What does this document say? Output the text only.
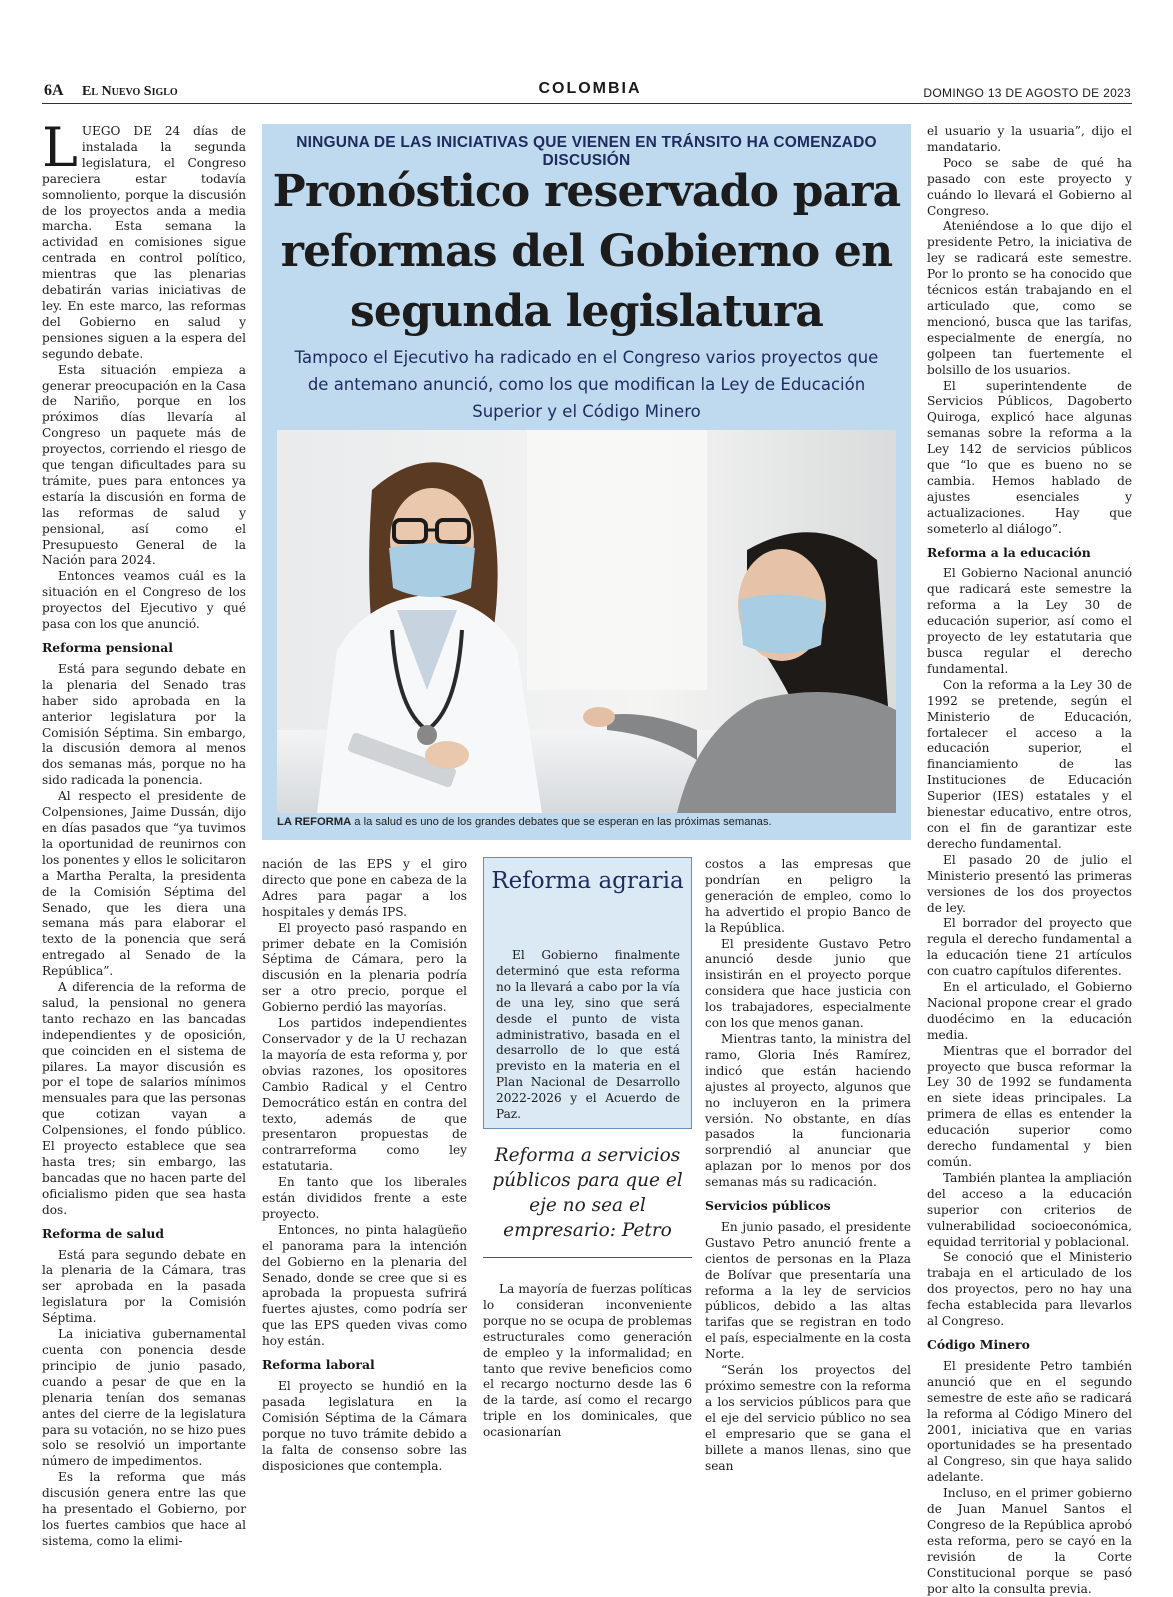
6A El Nuevo Siglo	COLOMBIA	DOMINGO 13 DE AGOSTO DE 2023

LUEGO DE 24 días de instalada la segunda legislatura, el Congreso pareciera estar todavía somnoliento, porque la discusión de los proyectos anda a media marcha. Esta semana la actividad en comisiones sigue centrada en control político, mientras que las plenarias debatirán varias iniciativas de ley. En este marco, las reformas del Gobierno en salud y pensiones siguen a la espera del segundo debate.

Esta situación empieza a generar preocupación en la Casa de Nariño, porque en los próximos días llevaría al Congreso un paquete más de proyectos, corriendo el riesgo de que tengan dificultades para su trámite, pues para entonces ya estaría la discusión en forma de las reformas de salud y pensional, así como el Presupuesto General de la Nación para 2024.

Entonces veamos cuál es la situación en el Congreso de los proyectos del Ejecutivo y qué pasa con los que anunció.

Reforma pensional

Está para segundo debate en la plenaria del Senado tras haber sido aprobada en la anterior legislatura por la Comisión Séptima. Sin embargo, la discusión demora al menos dos semanas más, porque no ha sido radicada la ponencia.

Al respecto el presidente de Colpensiones, Jaime Dussán, dijo en días pasados que “ya tuvimos la oportunidad de reunirnos con los ponentes y ellos le solicitaron a Martha Peralta, la presidenta de la Comisión Séptima del Senado, que les diera una semana más para elaborar el texto de la ponencia que será entregado al Senado de la República”.

A diferencia de la reforma de salud, la pensional no genera tanto rechazo en las bancadas independientes y de oposición, que coinciden en el sistema de pilares. La mayor discusión es por el tope de salarios mínimos mensuales para que las personas que cotizan vayan a Colpensiones, el fondo público. El proyecto establece que sea hasta tres; sin embargo, las bancadas que no hacen parte del oficialismo piden que sea hasta dos.

Reforma de salud

Está para segundo debate en la plenaria de la Cámara, tras ser aprobada en la pasada legislatura por la Comisión Séptima.

La iniciativa gubernamental cuenta con ponencia desde principio de junio pasado, cuando a pesar de que en la plenaria tenían dos semanas antes del cierre de la legislatura para su votación, no se hizo pues solo se resolvió un importante número de impedimentos.

Es la reforma que más discusión genera entre las que ha presentado el Gobierno, por los fuertes cambios que hace al sistema, como la elimi-

NINGUNA DE LAS INICIATIVAS QUE VIENEN EN TRÁNSITO HA COMENZADO DISCUSIÓN
Pronóstico reservado para reformas del Gobierno en segunda legislatura
Tampoco el Ejecutivo ha radicado en el Congreso varios proyectos que de antemano anunció, como los que modifican la Ley de Educación Superior y el Código Minero
LA REFORMA a la salud es uno de los grandes debates que se esperan en las próximas semanas.

nación de las EPS y el giro directo que pone en cabeza de la Adres para pagar a los hospitales y demás IPS.

El proyecto pasó raspando en primer debate en la Comisión Séptima de Cámara, pero la discusión en la plenaria podría ser a otro precio, porque el Gobierno perdió las mayorías.

Los partidos independientes Conservador y de la U rechazan la mayoría de esta reforma y, por obvias razones, los opositores Cambio Radical y el Centro Democrático están en contra del texto, además de que presentaron propuestas de contrarreforma como ley estatutaria.

En tanto que los liberales están divididos frente a este proyecto.

Entonces, no pinta halagüeño el panorama para la intención del Gobierno en la plenaria del Senado, donde se cree que si es aprobada la propuesta sufrirá fuertes ajustes, como podría ser que las EPS queden vivas como hoy están.

Reforma laboral

El proyecto se hundió en la pasada legislatura en la Comisión Séptima de la Cámara porque no tuvo trámite debido a la falta de consenso sobre las disposiciones que contempla.

Reforma agraria

El Gobierno finalmente determinó que esta reforma no la llevará a cabo por la vía de una ley, sino que será desde el punto de vista administrativo, basada en el desarrollo de lo que está previsto en la materia en el Plan Nacional de Desarrollo 2022-2026 y el Acuerdo de Paz.

Reforma a servicios públicos para que el eje no sea el empresario: Petro

La mayoría de fuerzas políticas lo consideran inconveniente porque no se ocupa de problemas estructurales como generación de empleo y la informalidad; en tanto que revive beneficios como el recargo nocturno desde las 6 de la tarde, así como el recargo triple en los dominicales, que ocasionarían

costos a las empresas que pondrían en peligro la generación de empleo, como lo ha advertido el propio Banco de la República.

El presidente Gustavo Petro anunció desde junio que insistirán en el proyecto porque considera que hace justicia con los trabajadores, especialmente con los que menos ganan.

Mientras tanto, la ministra del ramo, Gloria Inés Ramírez, indicó que están haciendo ajustes al proyecto, algunos que no incluyeron en la primera versión. No obstante, en días pasados la funcionaria sorprendió al anunciar que aplazan por lo menos por dos semanas más su radicación.

Servicios públicos

En junio pasado, el presidente Gustavo Petro anunció frente a cientos de personas en la Plaza de Bolívar que presentaría una reforma a la ley de servicios públicos, debido a las altas tarifas que se registran en todo el país, especialmente en la costa Norte.

“Serán los proyectos del próximo semestre con la reforma a los servicios públicos para que el eje del servicio público no sea el empresario que se gana el billete a manos llenas, sino que sean

el usuario y la usuaria”, dijo el mandatario.

Poco se sabe de qué ha pasado con este proyecto y cuándo lo llevará el Gobierno al Congreso.

Ateniéndose a lo que dijo el presidente Petro, la iniciativa de ley se radicará este semestre. Por lo pronto se ha conocido que técnicos están trabajando en el articulado que, como se mencionó, busca que las tarifas, especialmente de energía, no golpeen tan fuertemente el bolsillo de los usuarios.

El superintendente de Servicios Públicos, Dagoberto Quiroga, explicó hace algunas semanas sobre la reforma a la Ley 142 de servicios públicos que “lo que es bueno no se cambia. Hemos hablado de ajustes esenciales y actualizaciones. Hay que someterlo al diálogo”.

Reforma a la educación

El Gobierno Nacional anunció que radicará este semestre la reforma a la Ley 30 de educación superior, así como el proyecto de ley estatutaria que busca regular el derecho fundamental.

Con la reforma a la Ley 30 de 1992 se pretende, según el Ministerio de Educación, fortalecer el acceso a la educación superior, el financiamiento de las Instituciones de Educación Superior (IES) estatales y el bienestar educativo, entre otros, con el fin de garantizar este derecho fundamental.

El pasado 20 de julio el Ministerio presentó las primeras versiones de los dos proyectos de ley.

El borrador del proyecto que regula el derecho fundamental a la educación tiene 21 artículos con cuatro capítulos diferentes.

En el articulado, el Gobierno Nacional propone crear el grado duodécimo en la educación media.

Mientras que el borrador del proyecto que busca reformar la Ley 30 de 1992 se fundamenta en siete ideas principales. La primera de ellas es entender la educación superior como derecho fundamental y bien común.

También plantea la ampliación del acceso a la educación superior con criterios de vulnerabilidad socioeconómica, equidad territorial y poblacional.

Se conoció que el Ministerio trabaja en el articulado de los dos proyectos, pero no hay una fecha establecida para llevarlos al Congreso.

Código Minero

El presidente Petro también anunció que en el segundo semestre de este año se radicará la reforma al Código Minero del 2001, iniciativa que en varias oportunidades se ha presentado al Congreso, sin que haya salido adelante.

Incluso, en el primer gobierno de Juan Manuel Santos el Congreso de la República aprobó esta reforma, pero se cayó en la revisión de la Corte Constitucional porque se pasó por alto la consulta previa.
